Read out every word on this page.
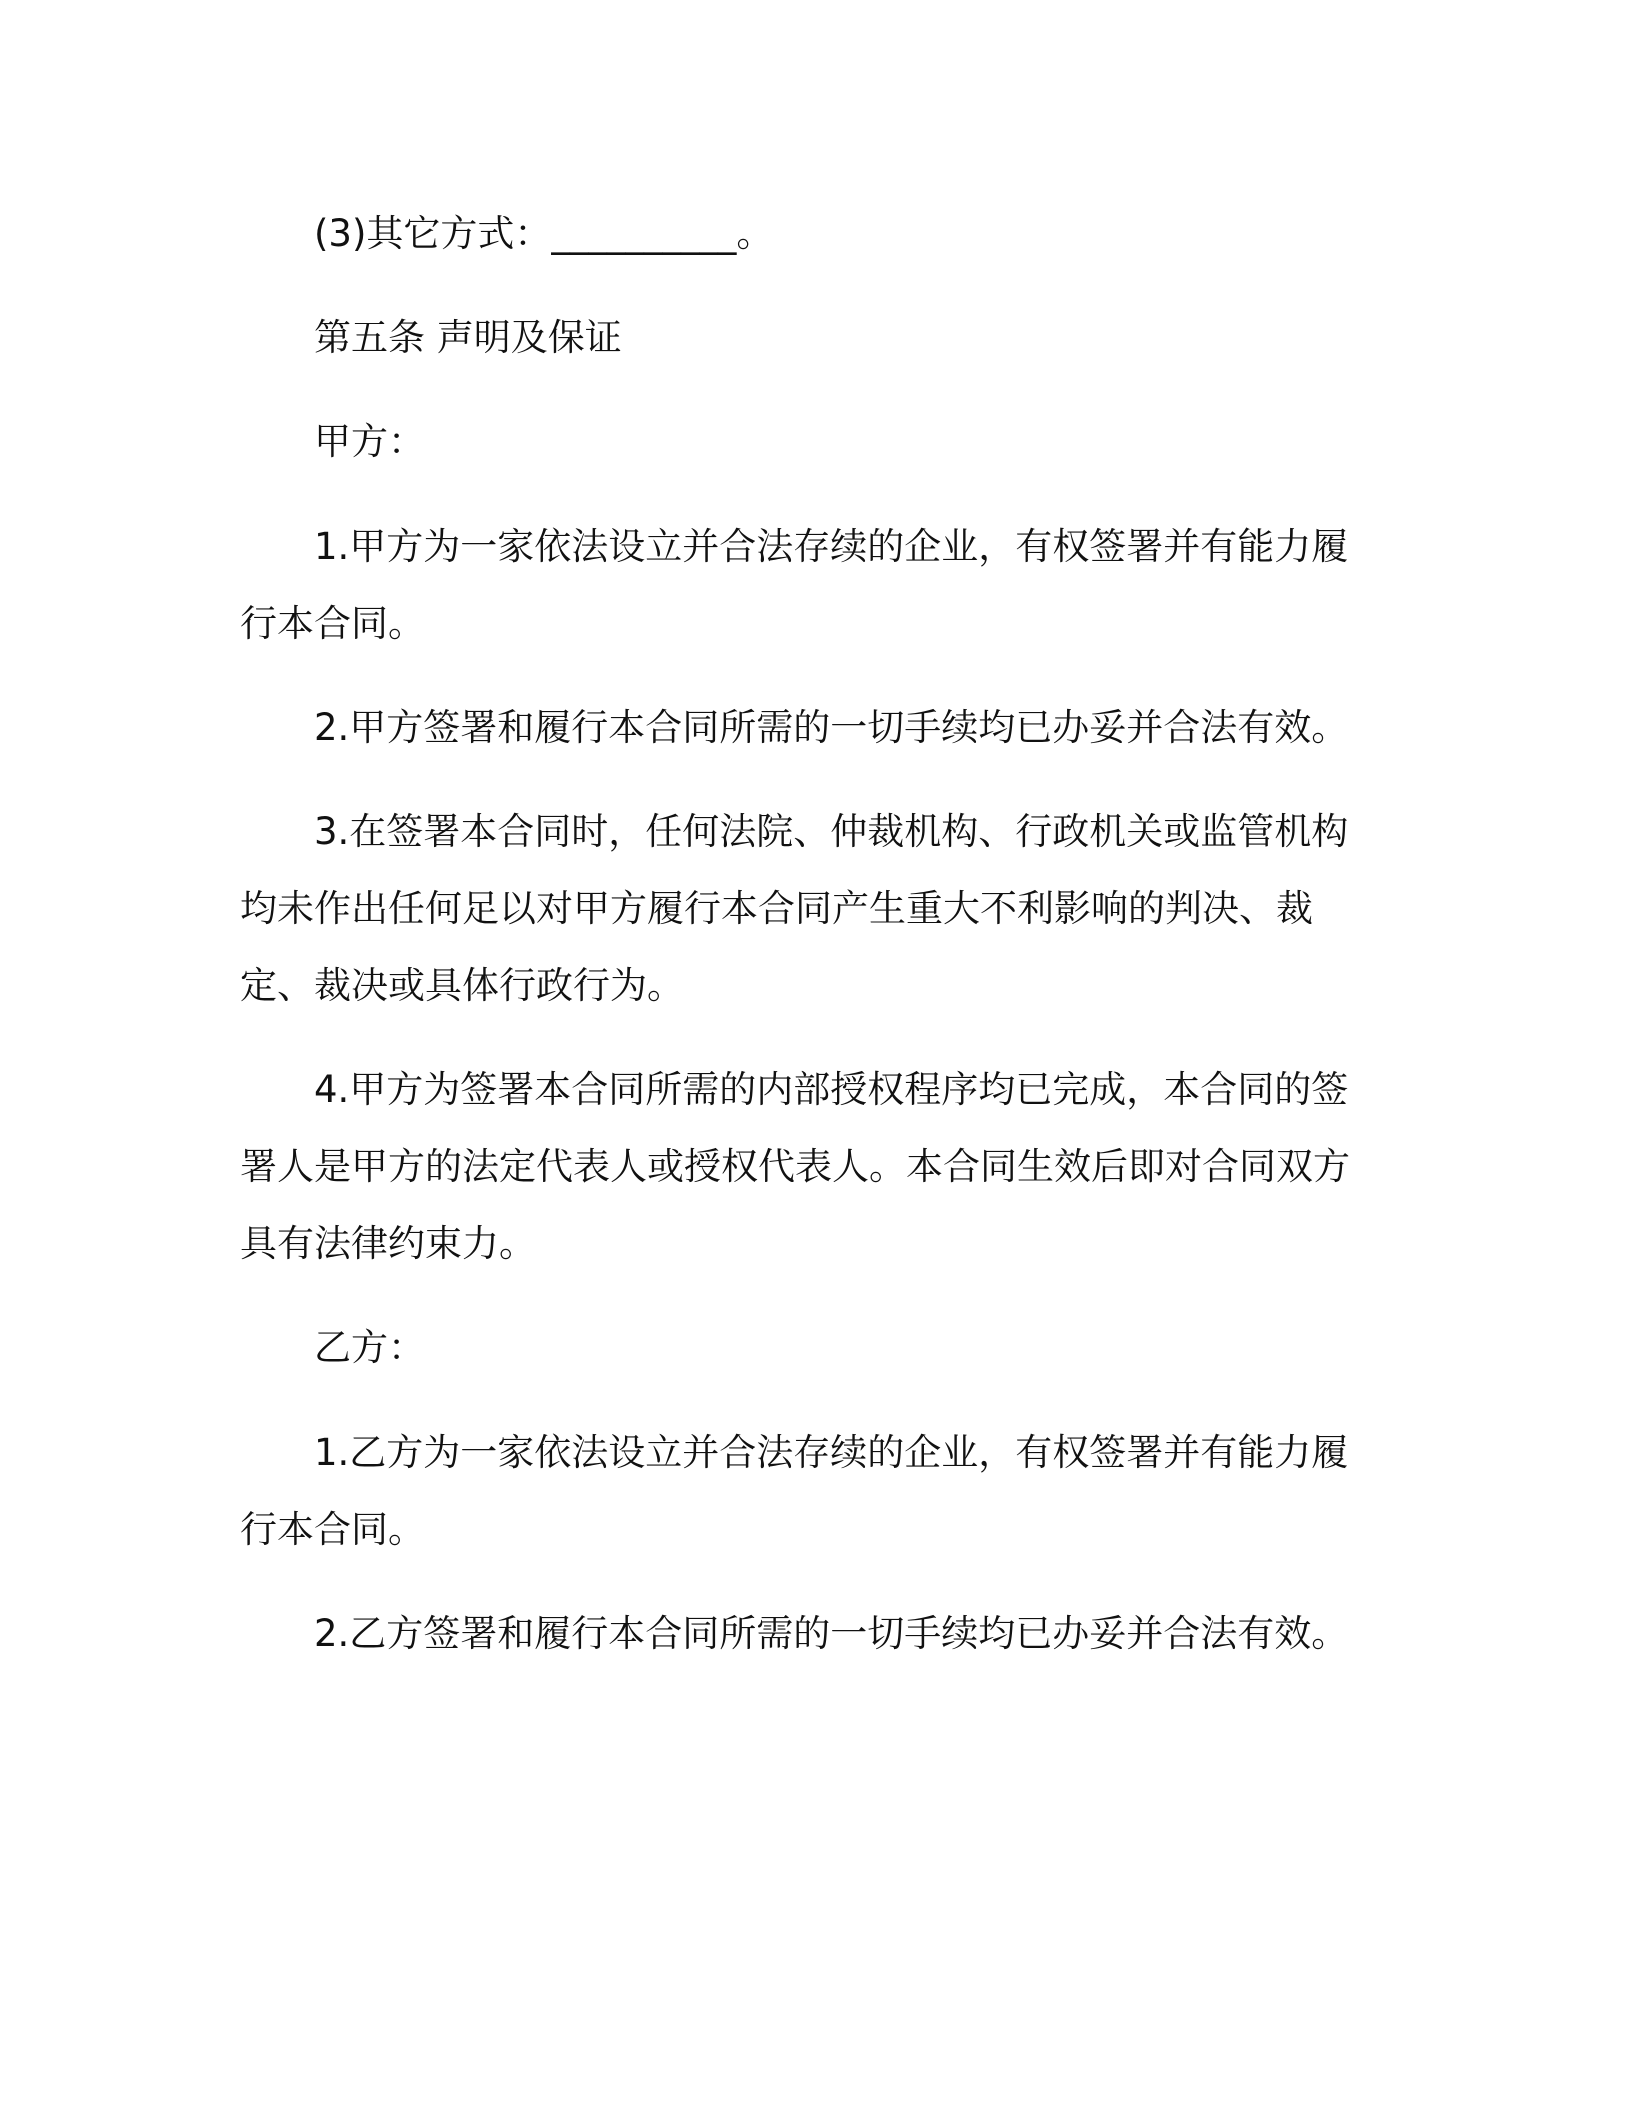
(3)其它方式：__________。

第五条 声明及保证

甲方：

1.甲方为一家依法设立并合法存续的企业，有权签署并有能力履行本合同。

2.甲方签署和履行本合同所需的一切手续均已办妥并合法有效。

3.在签署本合同时，任何法院、仲裁机构、行政机关或监管机构均未作出任何足以对甲方履行本合同产生重大不利影响的判决、裁定、裁决或具体行政行为。

4.甲方为签署本合同所需的内部授权程序均已完成，本合同的签署人是甲方的法定代表人或授权代表人。本合同生效后即对合同双方具有法律约束力。

乙方：

1.乙方为一家依法设立并合法存续的企业，有权签署并有能力履行本合同。

2.乙方签署和履行本合同所需的一切手续均已办妥并合法有效。
